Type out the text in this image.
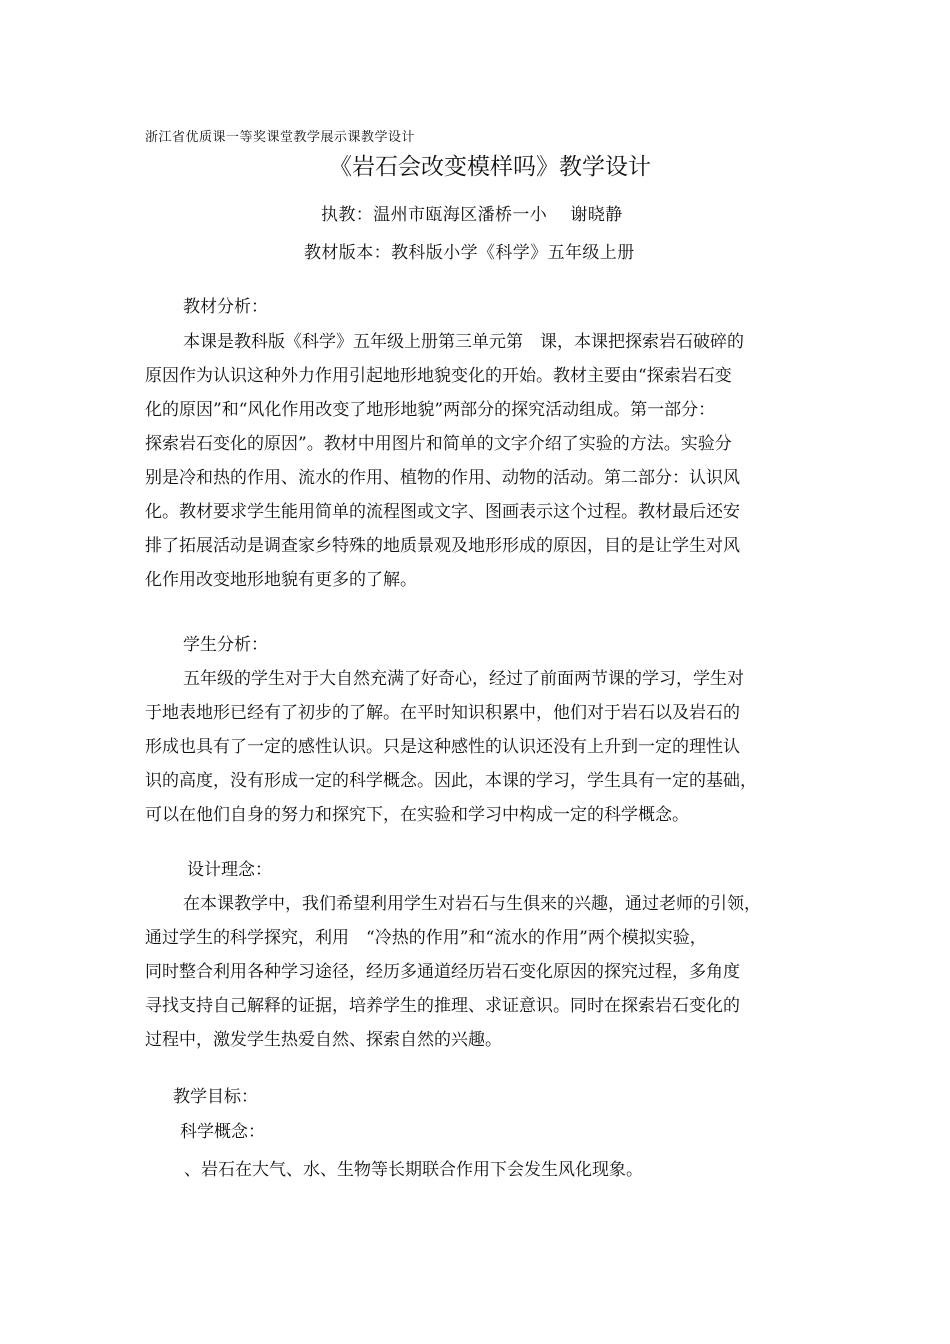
浙江省优质课一等奖课堂教学展示课教学设计
《岩石会改变模样吗》教学设计
执教：温州市瓯海区潘桥一小　 谢晓静
教材版本：教科版小学《科学》五年级上册
教材分析：
本课是教科版《科学》五年级上册第三单元第　课，本课把探索岩石破碎的
原因作为认识这种外力作用引起地形地貌变化的开始。教材主要由“探索岩石变
化的原因”和“风化作用改变了地形地貌”两部分的探究活动组成。第一部分：
探索岩石变化的原因”。教材中用图片和简单的文字介绍了实验的方法。实验分
别是冷和热的作用、流水的作用、植物的作用、动物的活动。第二部分：认识风
化。教材要求学生能用简单的流程图或文字、图画表示这个过程。教材最后还安
排了拓展活动是调查家乡特殊的地质景观及地形形成的原因，目的是让学生对风
化作用改变地形地貌有更多的了解。
学生分析：
五年级的学生对于大自然充满了好奇心，经过了前面两节课的学习，学生对
于地表地形已经有了初步的了解。在平时知识积累中，他们对于岩石以及岩石的
形成也具有了一定的感性认识。只是这种感性的认识还没有上升到一定的理性认
识的高度，没有形成一定的科学概念。因此，本课的学习，学生具有一定的基础，
可以在他们自身的努力和探究下，在实验和学习中构成一定的科学概念。
设计理念：
在本课教学中，我们希望利用学生对岩石与生俱来的兴趣，通过老师的引领，
通过学生的科学探究，利用　“冷热的作用”和“流水的作用”两个模拟实验，
同时整合利用各种学习途径，经历多通道经历岩石变化原因的探究过程，多角度
寻找支持自己解释的证据，培养学生的推理、求证意识。同时在探索岩石变化的
过程中，激发学生热爱自然、探索自然的兴趣。
教学目标：
科学概念：
、岩石在大气、水、生物等长期联合作用下会发生风化现象。
